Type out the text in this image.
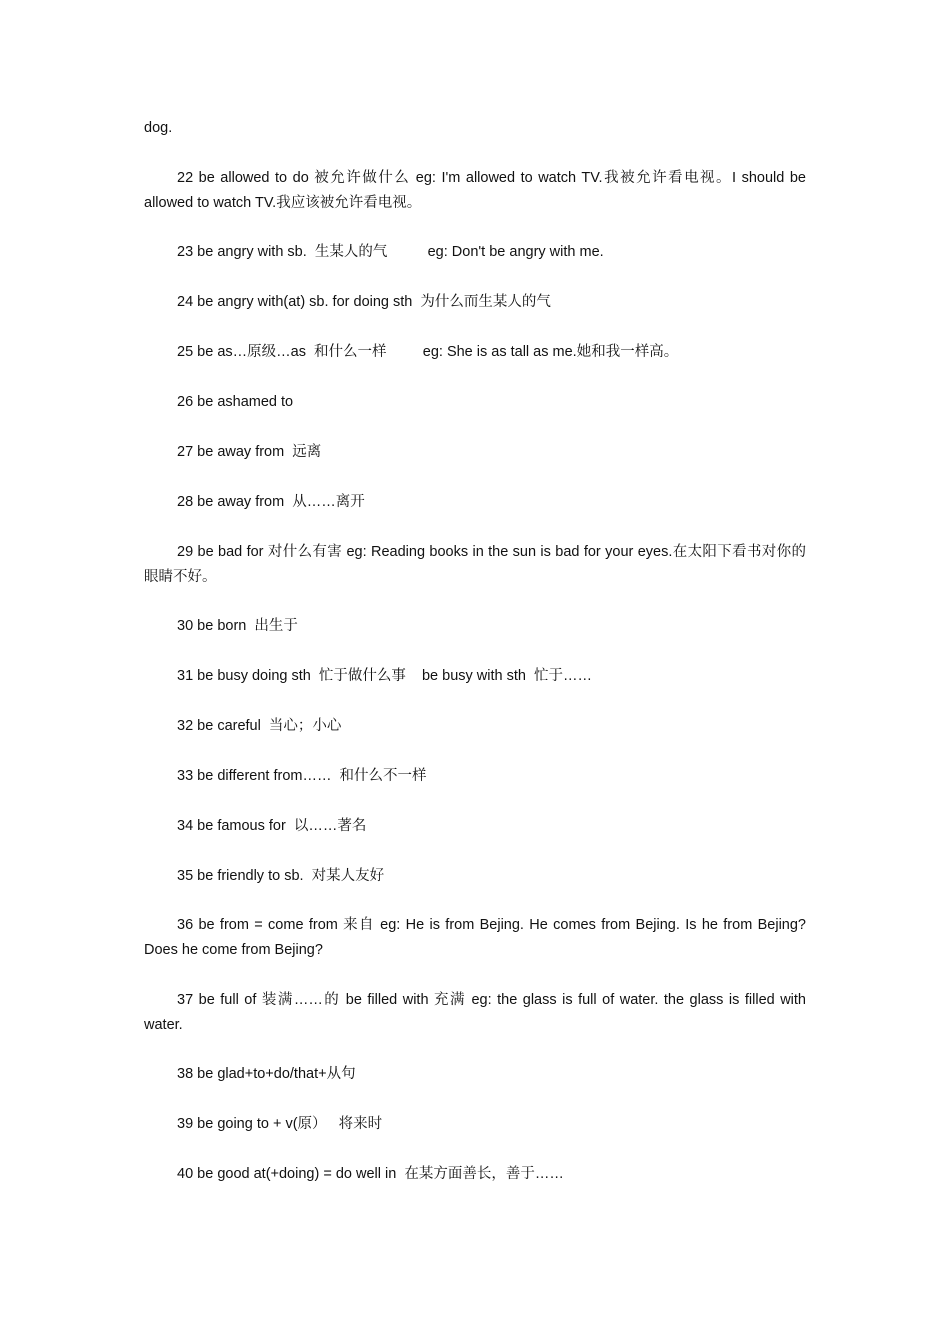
dog.

22 be allowed to do 被允许做什么 eg: I'm allowed to watch TV.我被允许看电视。I should be allowed to watch TV.我应该被允许看电视。

23 be angry with sb.  生某人的气          eg: Don't be angry with me.

24 be angry with(at) sb. for doing sth  为什么而生某人的气

25 be as…原级…as  和什么一样         eg: She is as tall as me.她和我一样高。

26 be ashamed to

27 be away from  远离

28 be away from  从……离开

29 be bad for 对什么有害 eg: Reading books in the sun is bad for your eyes.在太阳下看书对你的眼睛不好。

30 be born  出生于

31 be busy doing sth  忙于做什么事    be busy with sth  忙于……

32 be careful  当心；小心

33 be different from……  和什么不一样

34 be famous for  以……著名

35 be friendly to sb.  对某人友好

36 be from = come from 来自 eg: He is from Bejing. He comes from Bejing. Is he from Bejing? Does he come from Bejing?

37 be full of 装满……的 be filled with 充满 eg: the glass is full of water. the glass is filled with water.

38 be glad+to+do/that+从句

39 be going to + v(原）   将来时

40 be good at(+doing) = do well in  在某方面善长，善于……
